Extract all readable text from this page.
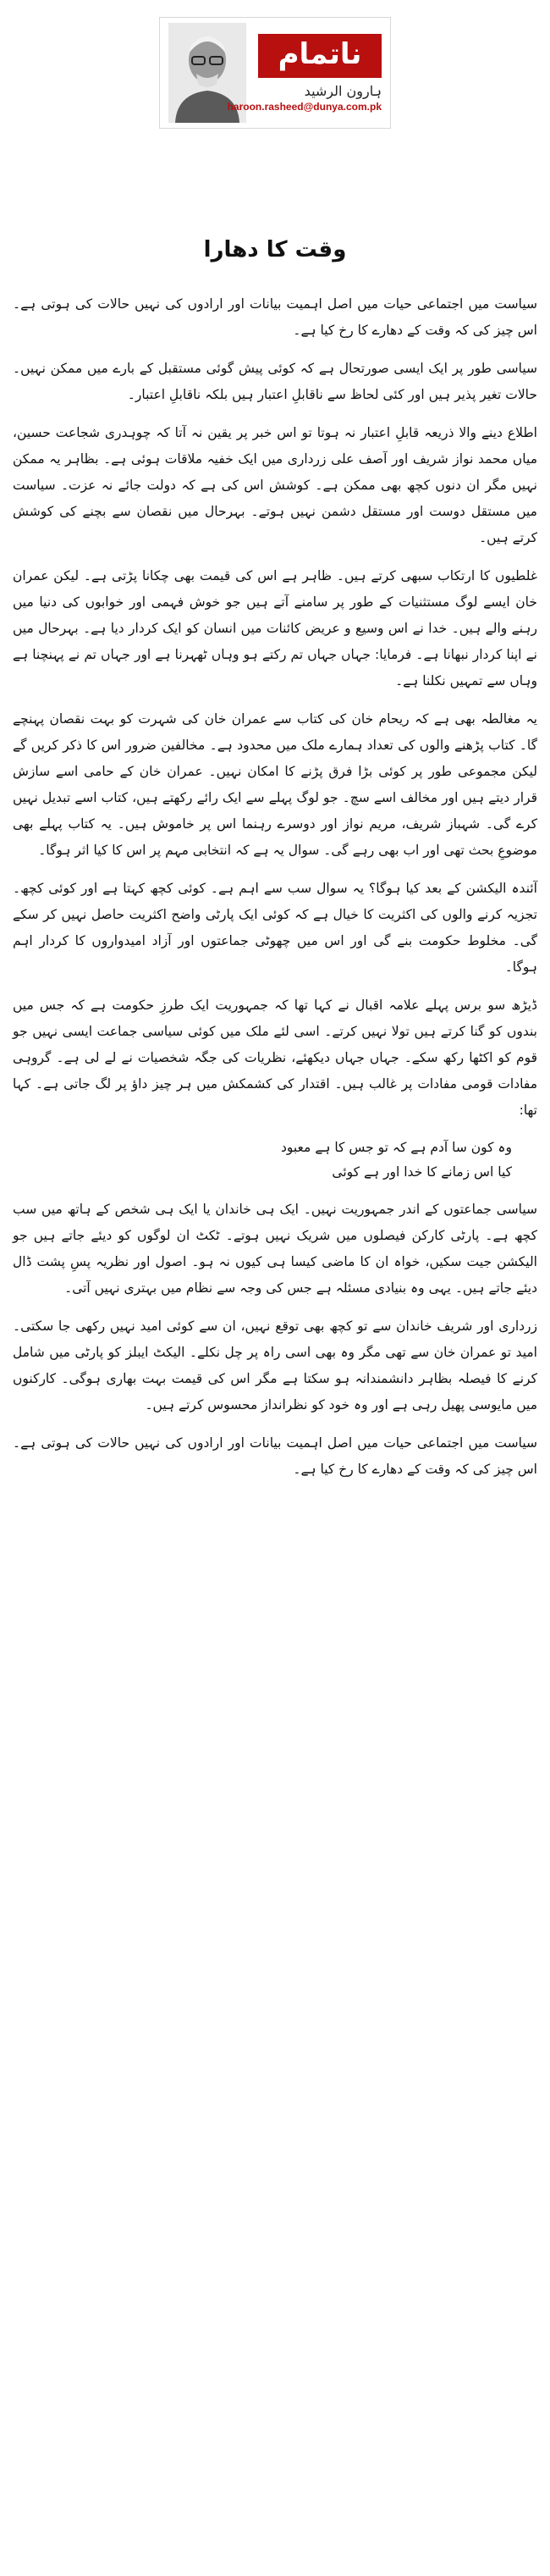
ناتمام
ہارون الرشید
haroon.rasheed@dunya.com.pk
وقت کا دھارا

سیاست میں اجتماعی حیات میں اصل اہمیت بیانات اور ارادوں کی نہیں حالات کی ہوتی ہے۔ اس چیز کی کہ وقت کے دھارے کا رخ کیا ہے۔

سیاسی طور پر ایک ایسی صورتحال ہے کہ کوئی پیش گوئی مستقبل کے بارے میں ممکن نہیں۔ حالات تغیر پذیر ہیں اور کئی لحاظ سے ناقابلِ اعتبار ہیں بلکہ ناقابلِ اعتبار۔

اطلاع دینے والا ذریعہ قابلِ اعتبار نہ ہوتا تو اس خبر پر یقین نہ آتا کہ چوہدری شجاعت حسین، میاں محمد نواز شریف اور آصف علی زرداری میں ایک خفیہ ملاقات ہوئی ہے۔ بظاہر یہ ممکن نہیں مگر ان دنوں کچھ بھی ممکن ہے۔ کوشش اس کی ہے کہ دولت جائے نہ عزت۔ سیاست میں مستقل دوست اور مستقل دشمن نہیں ہوتے۔ بہرحال میں نقصان سے بچنے کی کوشش کرتے ہیں۔

غلطیوں کا ارتکاب سبھی کرتے ہیں۔ ظاہر ہے اس کی قیمت بھی چکانا پڑتی ہے۔ لیکن عمران خان ایسے لوگ مستثنیات کے طور پر سامنے آتے ہیں جو خوش فہمی اور خوابوں کی دنیا میں رہنے والے ہیں۔ خدا نے اس وسیع و عریض کائنات میں انسان کو ایک کردار دیا ہے۔ بہرحال میں نے اپنا کردار نبھانا ہے۔ فرمایا: جہاں جہاں تم رکتے ہو وہاں ٹھہرنا ہے اور جہاں تم نے پہنچنا ہے وہاں سے تمہیں نکلنا ہے۔

یہ مغالطہ بھی ہے کہ ریحام خان کی کتاب سے عمران خان کی شہرت کو بہت نقصان پہنچے گا۔ کتاب پڑھنے والوں کی تعداد ہمارے ملک میں محدود ہے۔ مخالفین ضرور اس کا ذکر کریں گے لیکن مجموعی طور پر کوئی بڑا فرق پڑنے کا امکان نہیں۔ عمران خان کے حامی اسے سازش قرار دیتے ہیں اور مخالف اسے سچ۔ جو لوگ پہلے سے ایک رائے رکھتے ہیں، کتاب اسے تبدیل نہیں کرے گی۔ شہباز شریف، مریم نواز اور دوسرے رہنما اس پر خاموش ہیں۔ یہ کتاب پہلے بھی موضوعِ بحث تھی اور اب بھی رہے گی۔ سوال یہ ہے کہ انتخابی مہم پر اس کا کیا اثر ہوگا۔

آئندہ الیکشن کے بعد کیا ہوگا؟ یہ سوال سب سے اہم ہے۔ کوئی کچھ کہتا ہے اور کوئی کچھ۔ تجزیہ کرنے والوں کی اکثریت کا خیال ہے کہ کوئی ایک پارٹی واضح اکثریت حاصل نہیں کر سکے گی۔ مخلوط حکومت بنے گی اور اس میں چھوٹی جماعتوں اور آزاد امیدواروں کا کردار اہم ہوگا۔

ڈیڑھ سو برس پہلے علامہ اقبال نے کہا تھا کہ جمہوریت ایک طرزِ حکومت ہے کہ جس میں بندوں کو گنا کرتے ہیں تولا نہیں کرتے۔ اسی لئے ملک میں کوئی سیاسی جماعت ایسی نہیں جو قوم کو اکٹھا رکھ سکے۔ جہاں جہاں دیکھئے، نظریات کی جگہ شخصیات نے لے لی ہے۔ گروہی مفادات قومی مفادات پر غالب ہیں۔ اقتدار کی کشمکش میں ہر چیز داؤ پر لگ جاتی ہے۔ کہا تھا:

وہ کون سا آدم ہے کہ تو جس کا ہے معبود
کیا اس زمانے کا خدا اور ہے کوئی

سیاسی جماعتوں کے اندر جمہوریت نہیں۔ ایک ہی خاندان یا ایک ہی شخص کے ہاتھ میں سب کچھ ہے۔ پارٹی کارکن فیصلوں میں شریک نہیں ہوتے۔ ٹکٹ ان لوگوں کو دیئے جاتے ہیں جو الیکشن جیت سکیں، خواہ ان کا ماضی کیسا ہی کیوں نہ ہو۔ اصول اور نظریہ پسِ پشت ڈال دیئے جاتے ہیں۔ یہی وہ بنیادی مسئلہ ہے جس کی وجہ سے نظام میں بہتری نہیں آتی۔

زرداری اور شریف خاندان سے تو کچھ بھی توقع نہیں، ان سے کوئی امید نہیں رکھی جا سکتی۔ امید تو عمران خان سے تھی مگر وہ بھی اسی راہ پر چل نکلے۔ الیکٹ ایبلز کو پارٹی میں شامل کرنے کا فیصلہ بظاہر دانشمندانہ ہو سکتا ہے مگر اس کی قیمت بہت بھاری ہوگی۔ کارکنوں میں مایوسی پھیل رہی ہے اور وہ خود کو نظرانداز محسوس کرتے ہیں۔

سیاست میں اجتماعی حیات میں اصل اہمیت بیانات اور ارادوں کی نہیں حالات کی ہوتی ہے۔ اس چیز کی کہ وقت کے دھارے کا رخ کیا ہے۔
